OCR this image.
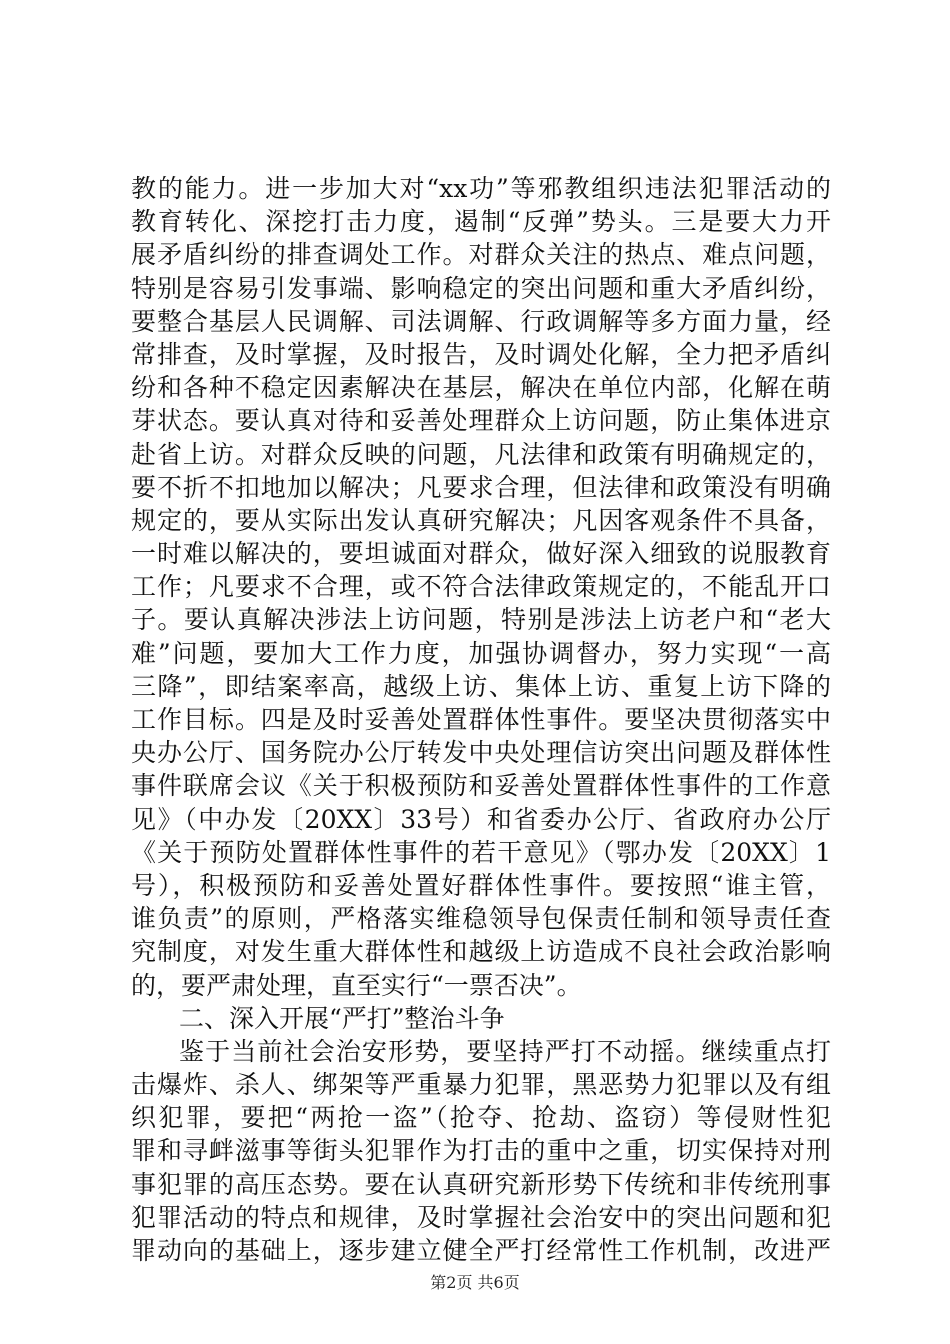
教的能力。进一步加大对“xx功”等邪教组织违法犯罪活动的
教育转化、深挖打击力度，遏制“反弹”势头。三是要大力开
展矛盾纠纷的排查调处工作。对群众关注的热点、难点问题，
特别是容易引发事端、影响稳定的突出问题和重大矛盾纠纷，
要整合基层人民调解、司法调解、行政调解等多方面力量，经
常排查，及时掌握，及时报告，及时调处化解，全力把矛盾纠
纷和各种不稳定因素解决在基层，解决在单位内部，化解在萌
芽状态。要认真对待和妥善处理群众上访问题，防止集体进京
赴省上访。对群众反映的问题，凡法律和政策有明确规定的，
要不折不扣地加以解决；凡要求合理，但法律和政策没有明确
规定的，要从实际出发认真研究解决；凡因客观条件不具备，
一时难以解决的，要坦诚面对群众，做好深入细致的说服教育
工作；凡要求不合理，或不符合法律政策规定的，不能乱开口
子。要认真解决涉法上访问题，特别是涉法上访老户和“老大
难”问题，要加大工作力度，加强协调督办，努力实现“一高
三降”，即结案率高，越级上访、集体上访、重复上访下降的
工作目标。四是及时妥善处置群体性事件。要坚决贯彻落实中
央办公厅、国务院办公厅转发中央处理信访突出问题及群体性
事件联席会议《关于积极预防和妥善处置群体性事件的工作意
见》（中办发〔20XX〕33号）和省委办公厅、省政府办公厅
《关于预防处置群体性事件的若干意见》（鄂办发〔20XX〕1
号），积极预防和妥善处置好群体性事件。要按照“谁主管，
谁负责”的原则，严格落实维稳领导包保责任制和领导责任查
究制度，对发生重大群体性和越级上访造成不良社会政治影响
的，要严肃处理，直至实行“一票否决”。
二、深入开展“严打”整治斗争
鉴于当前社会治安形势，要坚持严打不动摇。继续重点打
击爆炸、杀人、绑架等严重暴力犯罪，黑恶势力犯罪以及有组
织犯罪，要把“两抢一盗”（抢夺、抢劫、盗窃）等侵财性犯
罪和寻衅滋事等街头犯罪作为打击的重中之重，切实保持对刑
事犯罪的高压态势。要在认真研究新形势下传统和非传统刑事
犯罪活动的特点和规律，及时掌握社会治安中的突出问题和犯
罪动向的基础上，逐步建立健全严打经常性工作机制，改进严
第2页 共6页
